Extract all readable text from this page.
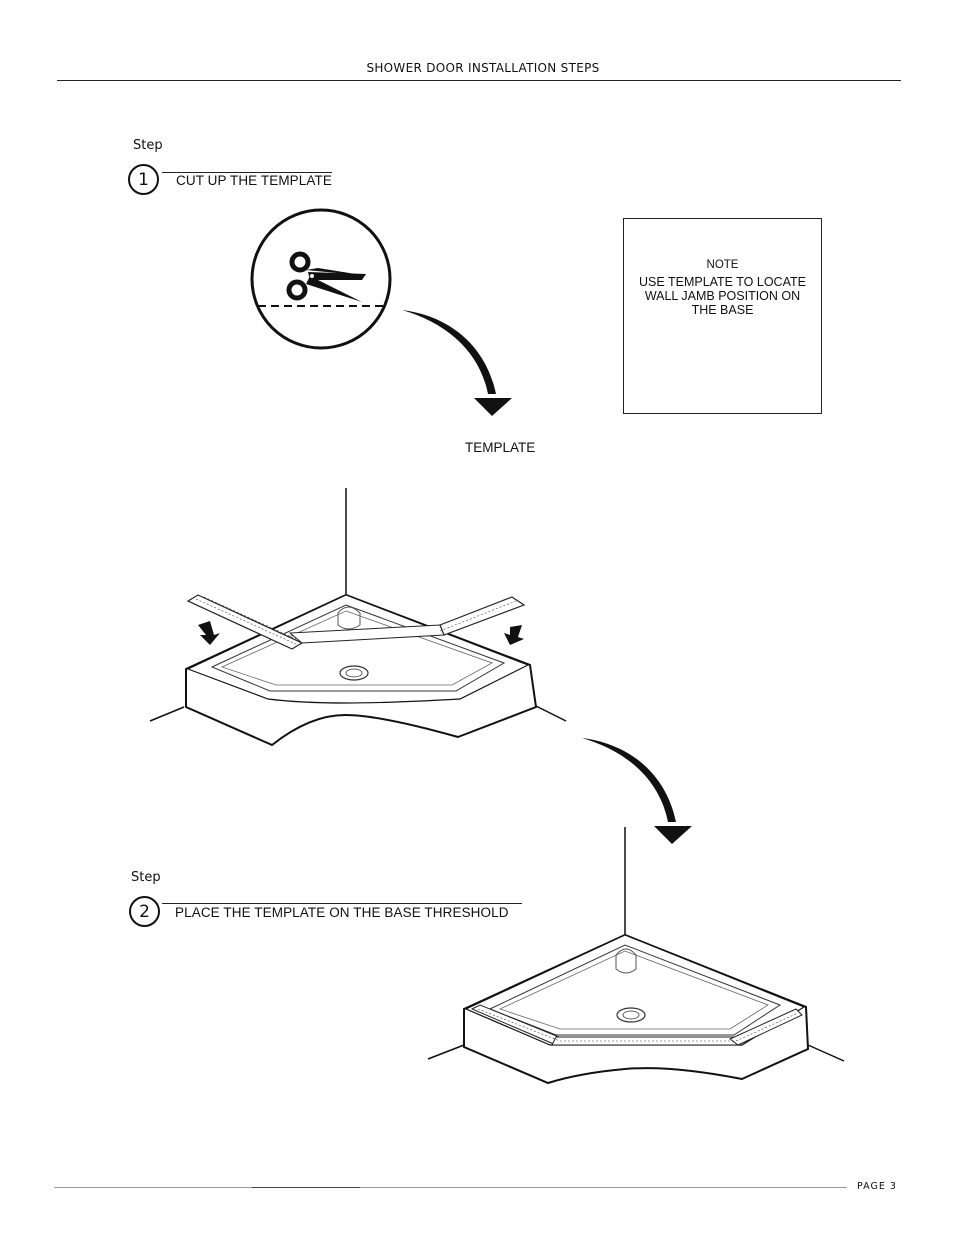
SHOWER DOOR INSTALLATION STEPS
Step
1	CUT UP THE TEMPLATE
NOTE
USE TEMPLATE TO LOCATE WALL JAMB POSITION ON THE BASE
TEMPLATE
Step
2	PLACE THE TEMPLATE ON THE BASE THRESHOLD
PAGE 3
